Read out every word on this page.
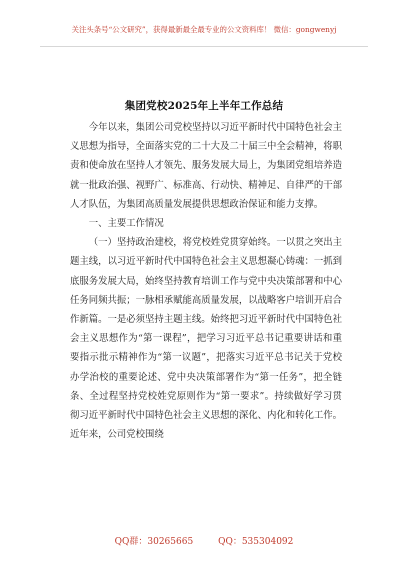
关注头条号“公文研究”，获得最新最全最专业的公文资料库！ 微信：gongwenyj
集团党校2025年上半年工作总结

今年以来，集团公司党校坚持以习近平新时代中国特色社会主义思想为指导，全面落实党的二十大及二十届三中全会精神，将职责和使命放在坚持人才领先、服务发展大局上，为集团党组培养造就一批政治强、视野广、标准高、行动快、精神足、自律严的干部人才队伍，为集团高质量发展提供思想政治保证和能力支撑。

一、主要工作情况

（一）坚持政治建校，将党校姓党贯穿始终。一以贯之突出主题主线，以习近平新时代中国特色社会主义思想凝心铸魂：一抓到底服务发展大局，始终坚持教育培训工作与党中央决策部署和中心任务同频共振；一脉相承赋能高质量发展，以战略客户培训开启合作新篇。一是必须坚持主题主线。始终把习近平新时代中国特色社会主义思想作为“第一课程”，把学习习近平总书记重要讲话和重要指示批示精神作为“第一议题”，把落实习近平总书记关于党校办学治校的重要论述、党中央决策部署作为“第一任务”，把全链条、全过程坚持党校姓党原则作为“第一要求”。持续做好学习贯彻习近平新时代中国特色社会主义思想的深化、内化和转化工作。近年来，公司党校围绕

QQ群：30265665	QQ：535304092
